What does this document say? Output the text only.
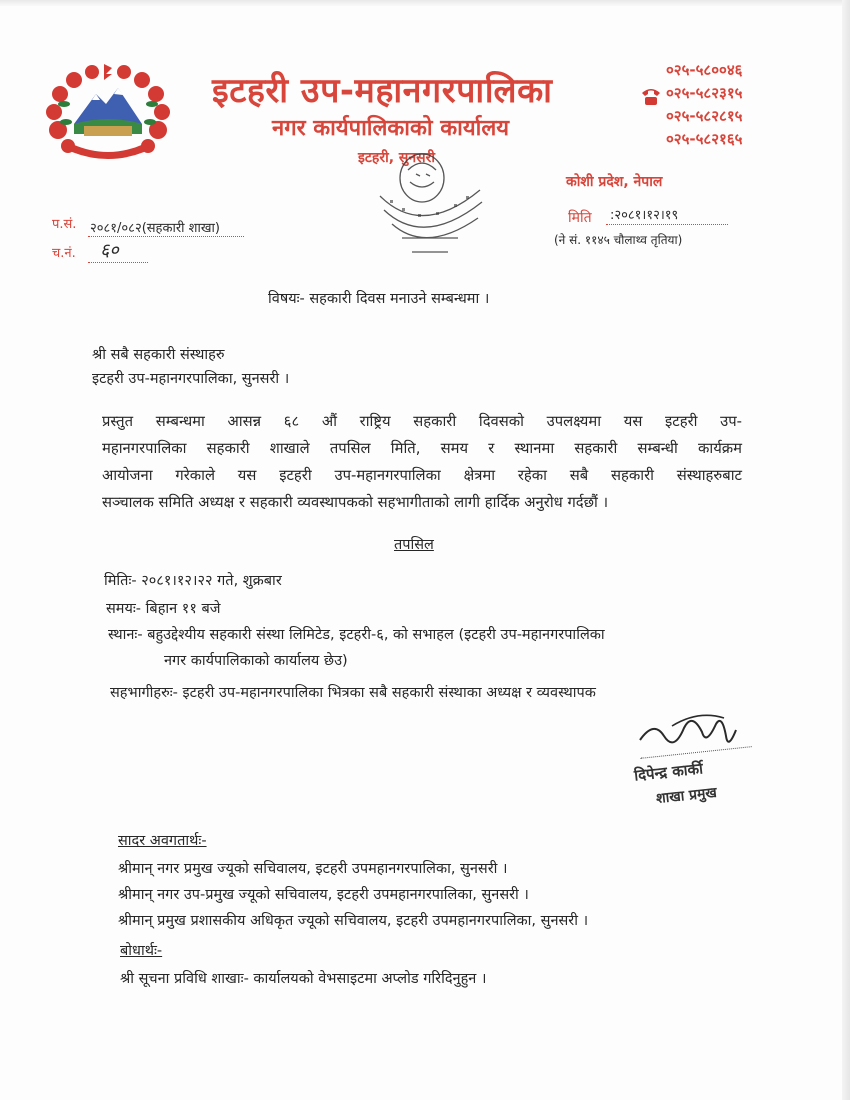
इटहरी उप-महानगरपालिका
नगर कार्यपालिकाको कार्यालय
इटहरी, सुनसरी
०२५-५८००४६
०२५-५८२३१५
०२५-५८२८१५
०२५-५८२१६५
कोशी प्रदेश, नेपाल
प.सं. २०८१/०८२(सहकारी शाखा)
च.नं. ६०
मिति :२०८१।१२।१९
(ने सं. ११४५ चौलाथ्व तृतिया)
विषयः- सहकारी दिवस मनाउने सम्बन्धमा ।
श्री सबै सहकारी संस्थाहरु
इटहरी उप-महानगरपालिका, सुनसरी ।
प्रस्तुत सम्बन्धमा आसन्न ६८ औं राष्ट्रिय सहकारी दिवसको उपलक्ष्यमा यस इटहरी उप-
महानगरपालिका सहकारी शाखाले तपसिल मिति, समय र स्थानमा सहकारी सम्बन्धी कार्यक्रम
आयोजना गरेकाले यस इटहरी उप-महानगरपालिका क्षेत्रमा रहेका सबै सहकारी संस्थाहरुबाट
सञ्चालक समिति अध्यक्ष र सहकारी व्यवस्थापकको सहभागीताको लागी हार्दिक अनुरोध गर्दछौं ।
तपसिल
मितिः- २०८१।१२।२२ गते, शुक्रबार
समयः- बिहान ११ बजे
स्थानः- बहुउद्देश्यीय सहकारी संस्था लिमिटेड, इटहरी-६, को सभाहल (इटहरी उप-महानगरपालिका
नगर कार्यपालिकाको कार्यालय छेउ)
सहभागीहरुः- इटहरी उप-महानगरपालिका भित्रका सबै सहकारी संस्थाका अध्यक्ष र व्यवस्थापक
दिपेन्द्र कार्की
शाखा प्रमुख
सादर अवगतार्थः-
श्रीमान् नगर प्रमुख ज्यूको सचिवालय, इटहरी उपमहानगरपालिका, सुनसरी ।
श्रीमान् नगर उप-प्रमुख ज्यूको सचिवालय, इटहरी उपमहानगरपालिका, सुनसरी ।
श्रीमान् प्रमुख प्रशासकीय अधिकृत ज्यूको सचिवालय, इटहरी उपमहानगरपालिका, सुनसरी ।
बोधार्थः-
श्री सूचना प्रविधि शाखाः- कार्यालयको वेभसाइटमा अप्लोड गरिदिनुहुन ।
